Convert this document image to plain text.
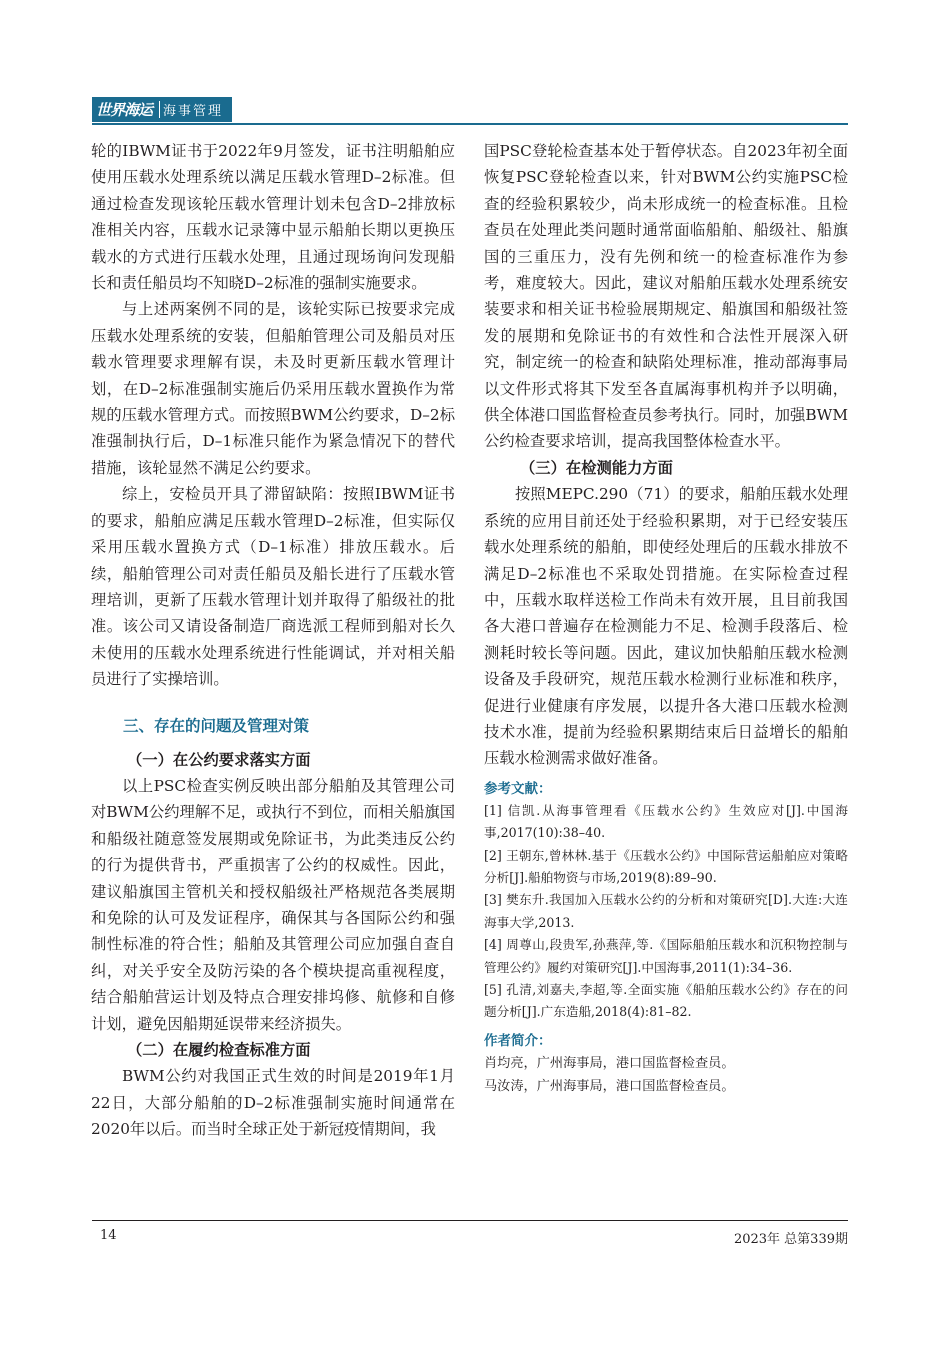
世界海运 海事管理

轮的IBWM证书于2022年9月签发，证书注明船舶应使用压载水处理系统以满足压载水管理D–2标准。但通过检查发现该轮压载水管理计划未包含D–2排放标准相关内容，压载水记录簿中显示船舶长期以更换压载水的方式进行压载水处理，且通过现场询问发现船长和责任船员均不知晓D–2标准的强制实施要求。

与上述两案例不同的是，该轮实际已按要求完成压载水处理系统的安装，但船舶管理公司及船员对压载水管理要求理解有误，未及时更新压载水管理计划，在D–2标准强制实施后仍采用压载水置换作为常规的压载水管理方式。而按照BWM公约要求，D–2标准强制执行后，D–1标准只能作为紧急情况下的替代措施，该轮显然不满足公约要求。

综上，安检员开具了滞留缺陷：按照IBWM证书的要求，船舶应满足压载水管理D–2标准，但实际仅采用压载水置换方式（D–1标准）排放压载水。后续，船舶管理公司对责任船员及船长进行了压载水管理培训，更新了压载水管理计划并取得了船级社的批准。该公司又请设备制造厂商选派工程师到船对长久未使用的压载水处理系统进行性能调试，并对相关船员进行了实操培训。

三、存在的问题及管理对策

（一）在公约要求落实方面

以上PSC检查实例反映出部分船舶及其管理公司对BWM公约理解不足，或执行不到位，而相关船旗国和船级社随意签发展期或免除证书，为此类违反公约的行为提供背书，严重损害了公约的权威性。因此，建议船旗国主管机关和授权船级社严格规范各类展期和免除的认可及发证程序，确保其与各国际公约和强制性标准的符合性；船舶及其管理公司应加强自查自纠，对关乎安全及防污染的各个模块提高重视程度，结合船舶营运计划及特点合理安排坞修、航修和自修计划，避免因船期延误带来经济损失。

（二）在履约检查标准方面

BWM公约对我国正式生效的时间是2019年1月22日，大部分船舶的D–2标准强制实施时间通常在2020年以后。而当时全球正处于新冠疫情期间，我

国PSC登轮检查基本处于暂停状态。自2023年初全面恢复PSC登轮检查以来，针对BWM公约实施PSC检查的经验积累较少，尚未形成统一的检查标准。且检查员在处理此类问题时通常面临船舶、船级社、船旗国的三重压力，没有先例和统一的检查标准作为参考，难度较大。因此，建议对船舶压载水处理系统安装要求和相关证书检验展期规定、船旗国和船级社签发的展期和免除证书的有效性和合法性开展深入研究，制定统一的检查和缺陷处理标准，推动部海事局以文件形式将其下发至各直属海事机构并予以明确，供全体港口国监督检查员参考执行。同时，加强BWM公约检查要求培训，提高我国整体检查水平。

（三）在检测能力方面

按照MEPC.290（71）的要求，船舶压载水处理系统的应用目前还处于经验积累期，对于已经安装压载水处理系统的船舶，即使经处理后的压载水排放不满足D–2标准也不采取处罚措施。在实际检查过程中，压载水取样送检工作尚未有效开展，且目前我国各大港口普遍存在检测能力不足、检测手段落后、检测耗时较长等问题。因此，建议加快船舶压载水检测设备及手段研究，规范压载水检测行业标准和秩序，促进行业健康有序发展，以提升各大港口压载水检测技术水准，提前为经验积累期结束后日益增长的船舶压载水检测需求做好准备。

参考文献：

[1] 信凯.从海事管理看《压载水公约》生效应对[J].中国海事,2017(10):38–40.

[2] 王朝东,曾林林.基于《压载水公约》中国际营运船舶应对策略分析[J].船舶物资与市场,2019(8):89–90.

[3] 樊东升.我国加入压载水公约的分析和对策研究[D].大连:大连海事大学,2013.

[4] 周尊山,段贵军,孙燕萍,等.《国际船舶压载水和沉积物控制与管理公约》履约对策研究[J].中国海事,2011(1):34–36.

[5] 孔清,刘嘉夫,李超,等.全面实施《船舶压载水公约》存在的问题分析[J].广东造船,2018(4):81–82.

作者简介：

肖均亮，广州海事局，港口国监督检查员。

马汝涛，广州海事局，港口国监督检查员。

14	2023年 总第339期
